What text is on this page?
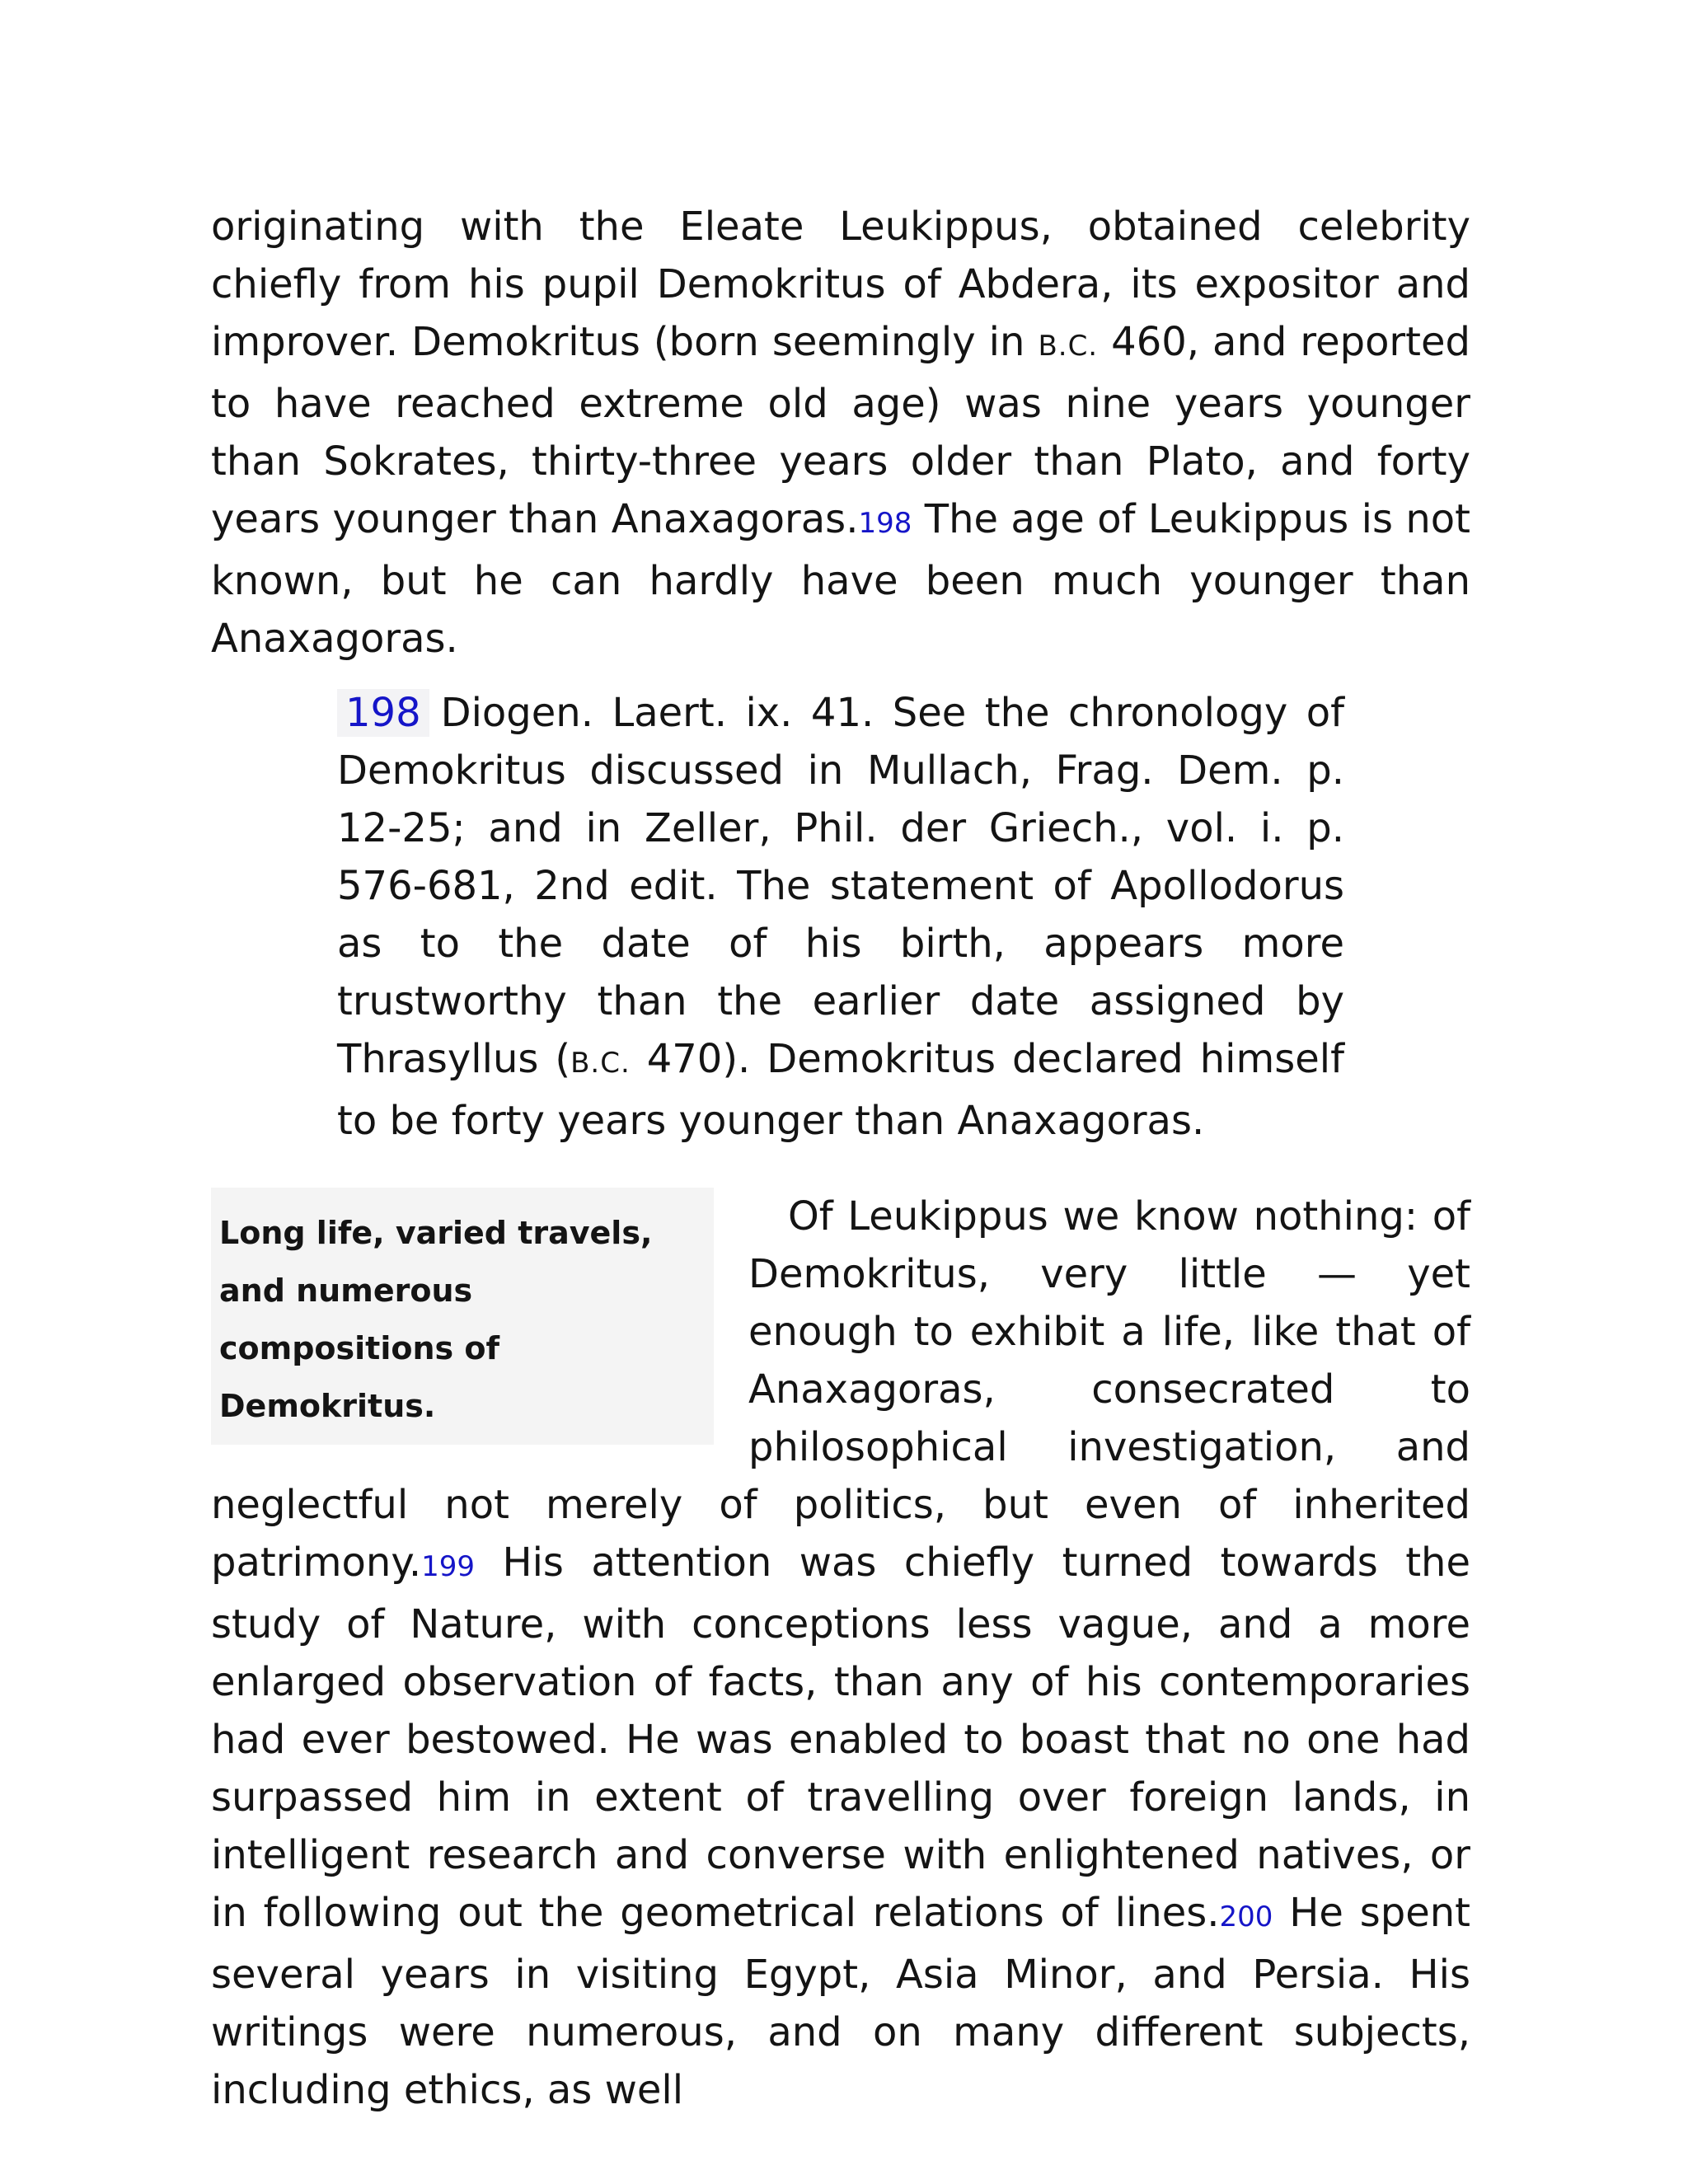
originating with the Eleate Leukippus, obtained celebrity chiefly from his pupil Demokritus of Abdera, its expositor and improver. Demokritus (born seemingly in B.C. 460, and reported to have reached extreme old age) was nine years younger than Sokrates, thirty-three years older than Plato, and forty years younger than Anaxagoras.198 The age of Leukippus is not known, but he can hardly have been much younger than Anaxagoras.

198 Diogen. Laert. ix. 41. See the chronology of Demokritus discussed in Mullach, Frag. Dem. p. 12-25; and in Zeller, Phil. der Griech., vol. i. p. 576-681, 2nd edit. The statement of Apollodorus as to the date of his birth, appears more trustworthy than the earlier date assigned by Thrasyllus (B.C. 470). Demokritus declared himself to be forty years younger than Anaxagoras.
Long life, varied travels, and numerous compositions of Demokritus.

Of Leukippus we know nothing: of Demokritus, very little — yet enough to exhibit a life, like that of Anaxagoras, consecrated to philosophical investigation, and neglectful not merely of politics, but even of inherited patrimony.199 His attention was chiefly turned towards the study of Nature, with conceptions less vague, and a more enlarged observation of facts, than any of his contemporaries had ever bestowed. He was enabled to boast that no one had surpassed him in extent of travelling over foreign lands, in intelligent research and converse with enlightened natives, or in following out the geometrical relations of lines.200 He spent several years in visiting Egypt, Asia Minor, and Persia. His writings were numerous, and on many different subjects, including ethics, as well
